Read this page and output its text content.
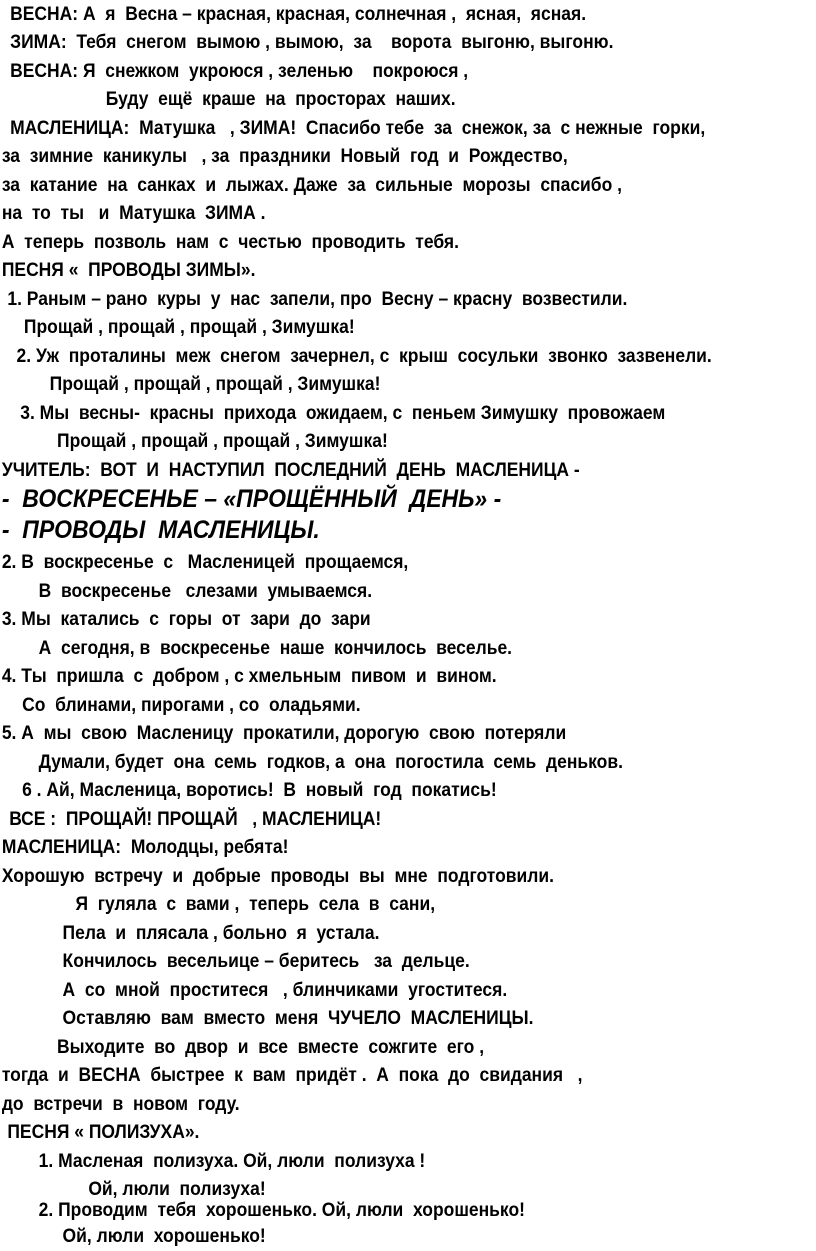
ВЕСНА: А  я  Весна – красная, красная, солнечная ,  ясная,  ясная.
ЗИМА:  Тебя  снегом  вымою , вымою,  за    ворота  выгоню, выгоню.
ВЕСНА: Я  снежком  укроюся , зеленью    покроюся ,
Буду  ещё  краше  на  просторах  наших.
МАСЛЕНИЦА:  Матушка   , ЗИМА!  Спасибо тебе  за  снежок, за  с нежные  горки,
за  зимние  каникулы   , за  праздники  Новый  год  и  Рождество,
за  катание  на  санках  и  лыжах. Даже  за  сильные  морозы  спасибо ,
на  то  ты   и  Матушка  ЗИМА .
А  теперь  позволь  нам  с  честью  проводить  тебя.
ПЕСНЯ «  ПРОВОДЫ ЗИМЫ».
1. Раным – рано  куры  у  нас  запели, про  Весну – красну  возвестили.
Прощай , прощай , прощай , Зимушка!
2. Уж  проталины  меж  снегом  зачернел, с  крыш  сосульки  звонко  зазвенели.
Прощай , прощай , прощай , Зимушка!
3. Мы  весны-  красны  прихода  ожидаем, с  пеньем Зимушку  провожаем
Прощай , прощай , прощай , Зимушка!
УЧИТЕЛЬ:  ВОТ  И  НАСТУПИЛ  ПОСЛЕДНИЙ  ДЕНЬ  МАСЛЕНИЦА -
-  ВОСКРЕСЕНЬЕ – «ПРОЩЁННЫЙ  ДЕНЬ» -
-  ПРОВОДЫ  МАСЛЕНИЦЫ.
2. В  воскресенье  с   Масленицей  прощаемся,
В  воскресенье   слезами  умываемся.
3. Мы  катались  с  горы  от  зари  до  зари
А  сегодня, в  воскресенье  наше  кончилось  веселье.
4. Ты  пришла  с  добром , с хмельным  пивом  и  вином.
Со  блинами, пирогами , со  оладьями.
5. А  мы  свою  Масленицу  прокатили, дорогую  свою  потеряли
Думали, будет  она  семь  годков, а  она  погостила  семь  деньков.
6 . Ай, Масленица, воротись!  В  новый  год  покатись!
ВСЕ :  ПРОЩАЙ! ПРОЩАЙ   , МАСЛЕНИЦА!
МАСЛЕНИЦА:  Молодцы, ребята!
Хорошую  встречу  и  добрые  проводы  вы  мне  подготовили.
Я  гуляла  с  вами ,  теперь  села  в  сани,
Пела  и  плясала , больно  я  устала.
Кончилось  весельице – беритесь   за  дельце.
А  со  мной  проститеся   , блинчиками  угоститеся.
Оставляю  вам  вместо  меня  ЧУЧЕЛО  МАСЛЕНИЦЫ.
Выходите  во  двор  и  все  вместе  сожгите  его ,
тогда  и  ВЕСНА  быстрее  к  вам  придёт .  А  пока  до  свидания   ,
до  встречи  в  новом  году.
ПЕСНЯ « ПОЛИЗУХА».
1. Масленая  полизуха. Ой, люли  полизуха !
Ой, люли  полизуха!
2. Проводим  тебя  хорошенько. Ой, люли  хорошенько!
Ой, люли  хорошенько!
